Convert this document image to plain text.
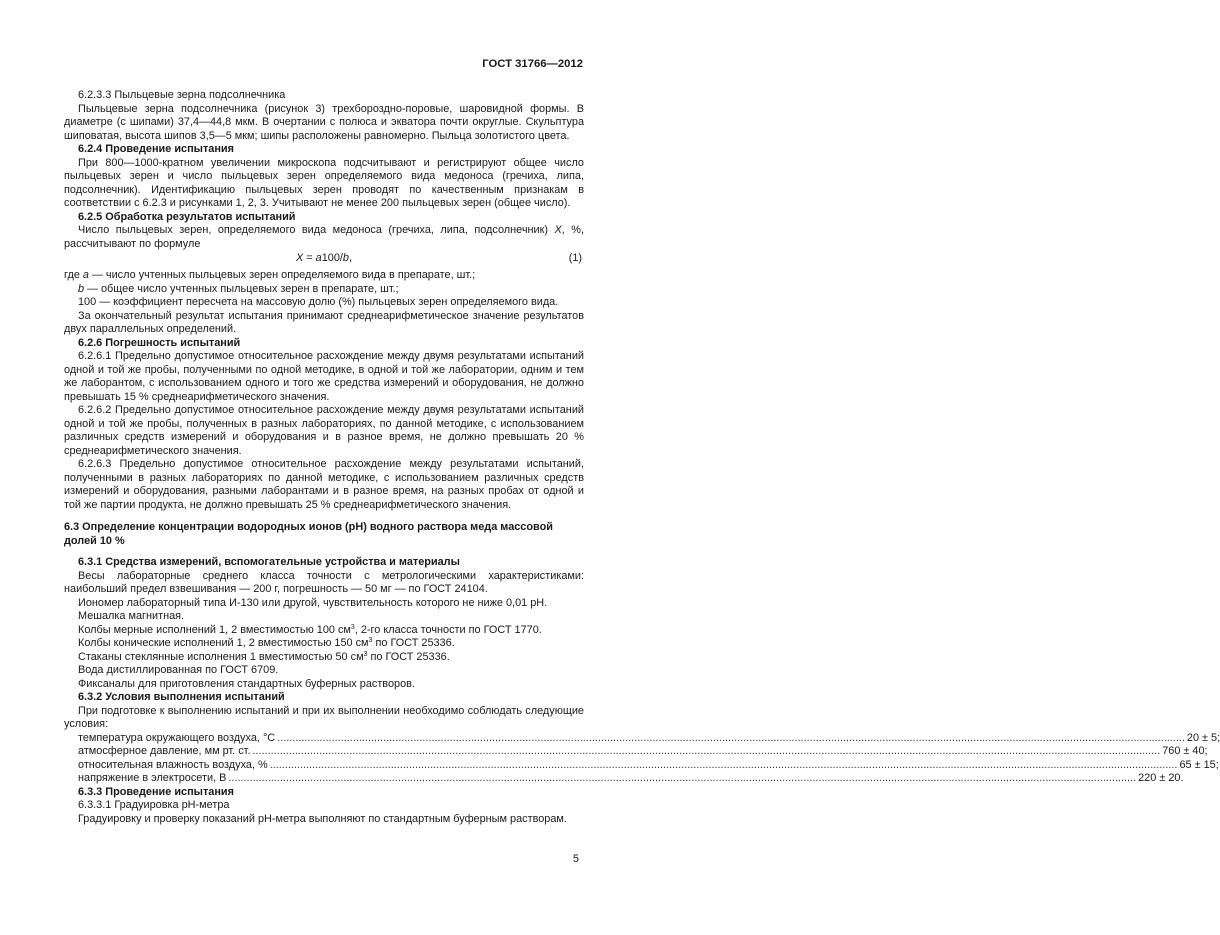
ГОСТ 31766—2012

6.2.3.3 Пыльцевые зерна подсолнечника

Пыльцевые зерна подсолнечника (рисунок 3) трехбороздно-поровые, шаровидной формы. В диаметре (с шипами) 37,4—44,8 мкм. В очертании с полюса и экватора почти округлые. Скульптура шиповатая, высота шипов 3,5—5 мкм; шипы расположены равномерно. Пыльца золотистого цвета.

6.2.4 Проведение испытания

При 800—1000-кратном увеличении микроскопа подсчитывают и регистрируют общее число пыльцевых зерен и число пыльцевых зерен определяемого вида медоноса (гречиха, липа, подсолнечник). Идентификацию пыльцевых зерен проводят по качественным признакам в соответствии с 6.2.3 и рисунками 1, 2, 3. Учитывают не менее 200 пыльцевых зерен (общее число).

6.2.5 Обработка результатов испытаний

Число пыльцевых зерен, определяемого вида медоноса (гречиха, липа, подсолнечник) X, %, рассчитывают по формуле

X = a100/b,	(1)

где a — число учтенных пыльцевых зерен определяемого вида в препарате, шт.;

b — общее число учтенных пыльцевых зерен в препарате, шт.;

100 — коэффициент пересчета на массовую долю (%) пыльцевых зерен определяемого вида.

За окончательный результат испытания принимают среднеарифметическое значение результатов двух параллельных определений.

6.2.6 Погрешность испытаний

6.2.6.1 Предельно допустимое относительное расхождение между двумя результатами испытаний одной и той же пробы, полученными по одной методике, в одной и той же лаборатории, одним и тем же лаборантом, с использованием одного и того же средства измерений и оборудования, не должно превышать 15 % среднеарифметического значения.

6.2.6.2 Предельно допустимое относительное расхождение между двумя результатами испытаний одной и той же пробы, полученных в разных лабораториях, по данной методике, с использованием различных средств измерений и оборудования и в разное время, не должно превышать 20 % среднеарифметического значения.

6.2.6.3 Предельно допустимое относительное расхождение между результатами испытаний, полученными в разных лабораториях по данной методике, с использованием различных средств измерений и оборудования, разными лаборантами и в разное время, на разных пробах от одной и той же партии продукта, не должно превышать 25 % среднеарифметического значения.

6.3 Определение концентрации водородных ионов (рН) водного раствора меда массовой долей 10 %

6.3.1 Средства измерений, вспомогательные устройства и материалы

Весы лабораторные среднего класса точности с метрологическими характеристиками: наибольший предел взвешивания — 200 г, погрешность — 50 мг — по ГОСТ 24104.

Иономер лабораторный типа И-130 или другой, чувствительность которого не ниже 0,01 рН.

Мешалка магнитная.

Колбы мерные исполнений 1, 2 вместимостью 100 $см^3$, 2-го класса точности по ГОСТ 1770.

Колбы конические исполнений 1, 2 вместимостью 150 $см^3$ по ГОСТ 25336.

Стаканы стеклянные исполнения 1 вместимостью 50 $см^3$ по ГОСТ 25336.

Вода дистиллированная по ГОСТ 6709.

Фиксаналы для приготовления стандартных буферных растворов.

6.3.2 Условия выполнения испытаний

При подготовке к выполнению испытаний и при их выполнении необходимо соблюдать следующие условия:

температура окружающего воздуха, °С ............................................................................................................................................................................................................................................................................................................ 20 ± 5;
атмосферное давление, мм рт. ст. ............................................................................................................................................................................................................................................................................................................ 760 ± 40;
относительная влажность воздуха, % ............................................................................................................................................................................................................................................................................................................ 65 ± 15;
напряжение в электросети, В ............................................................................................................................................................................................................................................................................................................ 220 ± 20.

6.3.3 Проведение испытания

6.3.3.1 Градуировка рН-метра

Градуировку и проверку показаний рН-метра выполняют по стандартным буферным растворам.

5
